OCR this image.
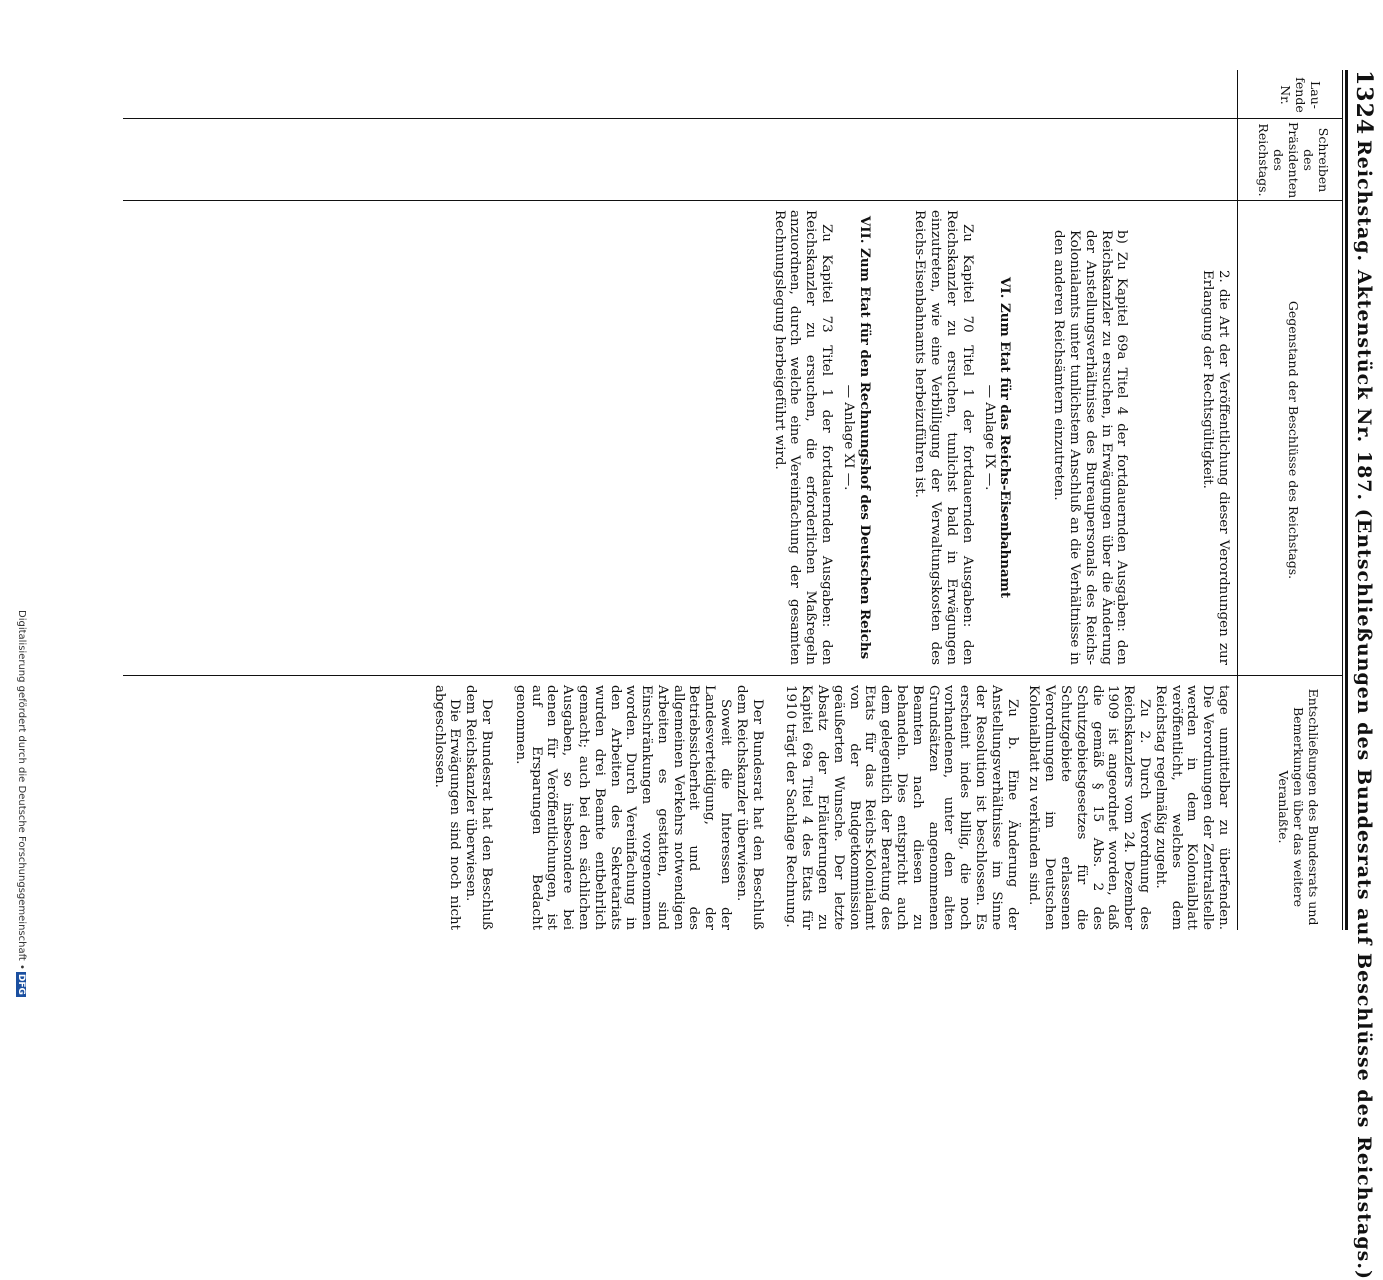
1324
Reichstag. Aktenstück Nr. 187. (Entschließungen des Bundesrats auf Beschlüsse des Reichstags.)
Lau- fende Nr.
Schreiben des Präsidenten des Reichstags.
Gegenstand der Beschlüsse des Reichstags.
Entschließungen des Bundesrats und Bemerkungen über das weitere Veranlaßte.

2. die Art der Veröffentlichung dieser Verordnungen zur Erlangung der Rechtsgültigkeit.

b) Zu Kapitel 69a Titel 4 der fortdauernden Ausgaben: den Reichskanzler zu ersuchen, in Erwägungen über die Änderung der Anstellungsverhältnisse des Bureaupersonals des Reichs-Kolonialamts unter tunlichstem Anschluß an die Verhältnisse in den anderen Reichsämtern einzutreten.

VI. Zum Etat für das Reichs-Eisenbahnamt

— Anlage IX —.

Zu Kapitel 70 Titel 1 der fortdauernden Ausgaben: den Reichskanzler zu ersuchen, tunlichst bald in Erwägungen einzutreten, wie eine Verbilligung der Verwaltungskosten des Reichs-Eisenbahnamts herbeizuführen ist.

VII. Zum Etat für den Rechnungshof des Deutschen Reichs

— Anlage XI —.

Zu Kapitel 73 Titel 1 der fortdauernden Ausgaben: den Reichskanzler zu ersuchen, die erforderlichen Maßregeln anzuordnen, durch welche eine Vereinfachung der gesamten Rechnungslegung herbeigeführt wird.

tage unmittelbar zu überfenden. Die Verordnungen der Zentralstelle werden in dem Kolonialblatt veröffentlicht, welches dem Reichstag regelmäßig zugeht.

Zu 2. Durch Verordnung des Reichskanzlers vom 24. Dezember 1909 ist angeordnet worden, daß die gemäß § 15 Abs. 2 des Schutzgebietsgesetzes für die Schutzgebiete erlassenen Verordnungen im Deutschen Kolonialblatt zu verkünden sind.

Zu b. Eine Änderung der Anstellungsverhältnisse im Sinne der Resolution ist beschlossen. Es erscheint indes billig, die noch vorhandenen, unter den alten Grundsätzen angenommenen Beamten nach diesen zu behandeln. Dies entspricht auch dem gelegentlich der Beratung des Etats für das Reichs-Kolonialamt von der Budgetkommission geäußerten Wunsche. Der letzte Absatz der Erläuterungen zu Kapitel 69a Titel 4 des Etats für 1910 trägt der Sachlage Rechnung.

Der Bundesrat hat den Beschluß dem Reichskanzler überwiesen.

Soweit die Interessen der Landesverteidigung, der Betriebssicherheit und des allgemeinen Verkehrs notwendigen Arbeiten es gestatten, sind Einschränkungen vorgenommen worden. Durch Vereinfachung in den Arbeiten des Sekretariats wurden drei Beamte entbehrlich gemacht; auch bei den sächlichen Ausgaben, so insbesondere bei denen für Veröffentlichungen, ist auf Ersparungen Bedacht genommen.

Der Bundesrat hat den Beschluß dem Reichskanzler überwiesen.

Die Erwägungen sind noch nicht abgeschlossen.

Digitalisierung gefördert durch die Deutsche Forschungsgemeinschaft •DFG
